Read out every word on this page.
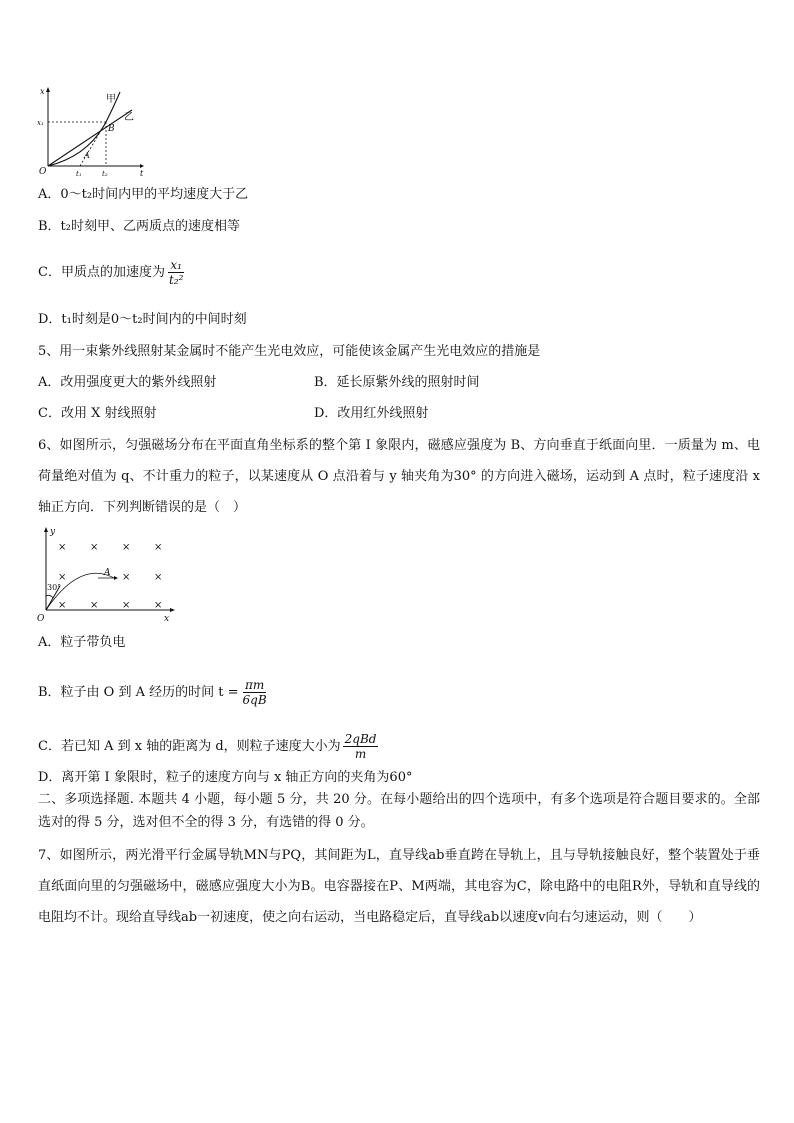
x
t
O
甲
乙
B
A
x₁
t₁	t₂
A．0～t₂时间内甲的平均速度大于乙
B．t₂时刻甲、乙两质点的速度相等
C．甲质点的加速度为 $\frac{\text{x₁}}{\text{t₂²}}$
D．t₁时刻是0～t₂时间内的中间时刻
5、用一束紫外线照射某金属时不能产生光电效应，可能使该金属产生光电效应的措施是
A．改用强度更大的紫外线照射	B．延长原紫外线的照射时间
C．改用 X 射线照射	D．改用红外线照射
6、如图所示，匀强磁场分布在平面直角坐标系的整个第 I 象限内，磁感应强度为 B、方向垂直于纸面向里．一质量为 m、电荷量绝对值为 q、不计重力的粒子，以某速度从 O 点沿着与 y 轴夹角为30° 的方向进入磁场，运动到 A 点时，粒子速度沿 x 轴正方向．下列判断错误的是（　）
y
x
O
× × × ×
×	× ×
× × × ×
30°
A
A．粒子带负电
B．粒子由 O 到 A 经历的时间 $t = \frac{\pi m}{6qB}$
C．若已知 A 到 x 轴的距离为 d，则粒子速度大小为 $\frac{\text{2qBd}}{m}$
D．离开第 I 象限时，粒子的速度方向与 x 轴正方向的夹角为60°
二、多项选择题. 本题共 4 小题，每小题 5 分，共 20 分。在每小题给出的四个选项中，有多个选项是符合题目要求的。全部选对的得 5 分，选对但不全的得 3 分，有选错的得 0 分。
7、如图所示，两光滑平行金属导轨MN与PQ，其间距为L，直导线ab垂直跨在导轨上，且与导轨接触良好，整个装置处于垂直纸面向里的匀强磁场中，磁感应强度大小为B。电容器接在P、M两端，其电容为C，除电路中的电阻R外，导轨和直导线的电阻均不计。现给直导线ab一初速度，使之向右运动，当电路稳定后，直导线ab以速度v向右匀速运动，则（　　）
